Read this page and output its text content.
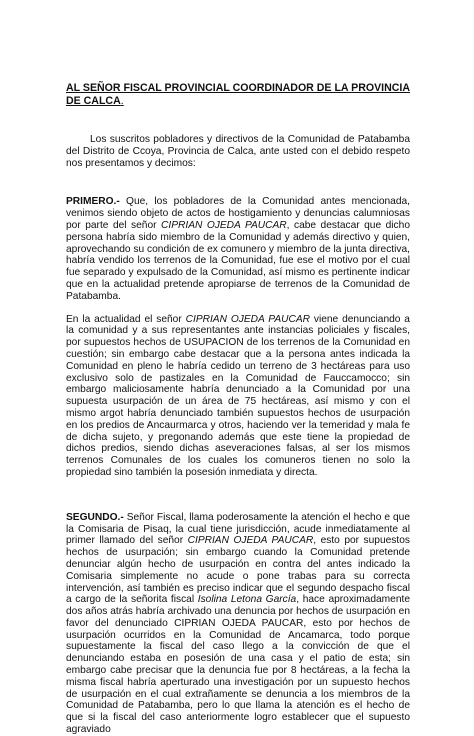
AL SEÑOR FISCAL PROVINCIAL COORDINADOR DE LA PROVINCIA DE CALCA.

Los suscritos pobladores y directivos de la Comunidad de Patabamba del Distrito de Ccoya, Provincia de Calca, ante usted con el debido respeto nos presentamos y decimos:

PRIMERO.- Que, los pobladores de la Comunidad antes mencionada, venimos siendo objeto de actos de hostigamiento y denuncias calumniosas por parte del señor CIPRIAN OJEDA PAUCAR, cabe destacar que dicho persona habría sido miembro de la Comunidad y además directivo y quien, aprovechando su condición de ex comunero y miembro de la junta directiva, habría vendido los terrenos de la Comunidad, fue ese el motivo por el cual fue separado y expulsado de la Comunidad, así mismo es pertinente indicar que en la actualidad pretende apropiarse de terrenos de la Comunidad de Patabamba.

En la actualidad el señor CIPRIAN OJEDA PAUCAR viene denunciando a la comunidad y a sus representantes ante instancias policiales y fiscales, por supuestos hechos de USUPACION de los terrenos de la Comunidad en cuestión; sin embargo cabe destacar que a la persona antes indicada la Comunidad en pleno le habría cedido un terreno de 3 hectáreas para uso exclusivo solo de pastizales en la Comunidad de Fauccamocco; sin embargo maliciosamente habría denunciado a la Comunidad por una supuesta usurpación de un área de 75 hectáreas, así mismo y con el mismo argot habría denunciado también supuestos hechos de usurpación en los predios de Ancaurmarca y otros, haciendo ver la temeridad y mala fe de dicha sujeto, y pregonando además que este tiene la propiedad de dichos predios, siendo dichas aseveraciones falsas, al ser los mismos terrenos Comunales de los cuales los comuneros tienen no solo la propiedad sino también la posesión inmediata y directa.

SEGUNDO.- Señor Fiscal, llama poderosamente la atención el hecho e que la Comisaria de Pisaq, la cual tiene jurisdicción, acude inmediatamente al primer llamado del señor CIPRIAN OJEDA PAUCAR, esto por supuestos hechos de usurpación; sin embargo cuando la Comunidad pretende denunciar algún hecho de usurpación en contra del antes indicado la Comisaria simplemente no acude o pone trabas para su correcta intervención, así también es preciso indicar que el segundo despacho fiscal a cargo de la señorita fiscal Isolina Letona García, hace aproximadamente dos años atrás habría archivado una denuncia por hechos de usurpación en favor del denunciado CIPRIAN OJEDA PAUCAR, esto por hechos de usurpación ocurridos en la Comunidad de Ancamarca, todo porque supuestamente la fiscal del caso llego a la convicción de que el denunciando estaba en posesión de una casa y el patio de esta; sin embargo cabe precisar que la denuncia fue por 8 hectáreas, a la fecha la misma fiscal habría aperturado una investigación por un supuesto hechos de usurpación en el cual extrañamente se denuncia a los miembros de la Comunidad de Patabamba, pero lo que llama la atención es el hecho de que si la fiscal del caso anteriormente logro establecer que el supuesto agraviado
